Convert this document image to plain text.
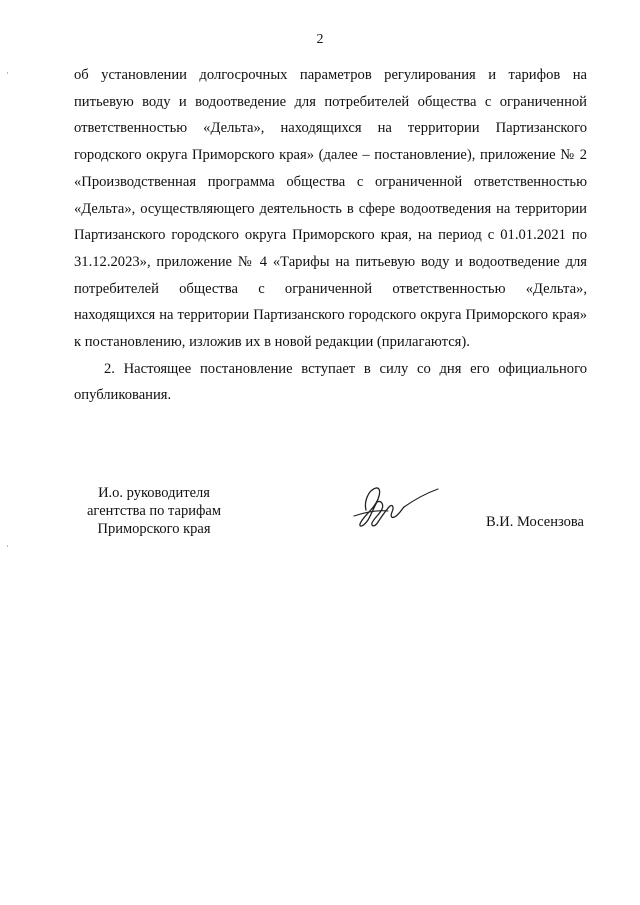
2

об установлении долгосрочных параметров регулирования и тарифов на питьевую воду и водоотведение для потребителей общества с ограниченной ответственностью «Дельта», находящихся на территории Партизанского городского округа Приморского края» (далее – постановление), приложение № 2 «Производственная программа общества с ограниченной ответственностью «Дельта», осуществляющего деятельность в сфере водоотведения на территории Партизанского городского округа Приморского края, на период с 01.01.2021 по 31.12.2023», приложение № 4 «Тарифы на питьевую воду и водоотведение для потребителей общества с ограниченной ответственностью «Дельта», находящихся на территории Партизанского городского округа Приморского края» к постановлению, изложив их в новой редакции (прилагаются).

2. Настоящее постановление вступает в силу со дня его официального опубликования.

И.о. руководителя
агентства по тарифам
Приморского края	В.И. Мосензова
